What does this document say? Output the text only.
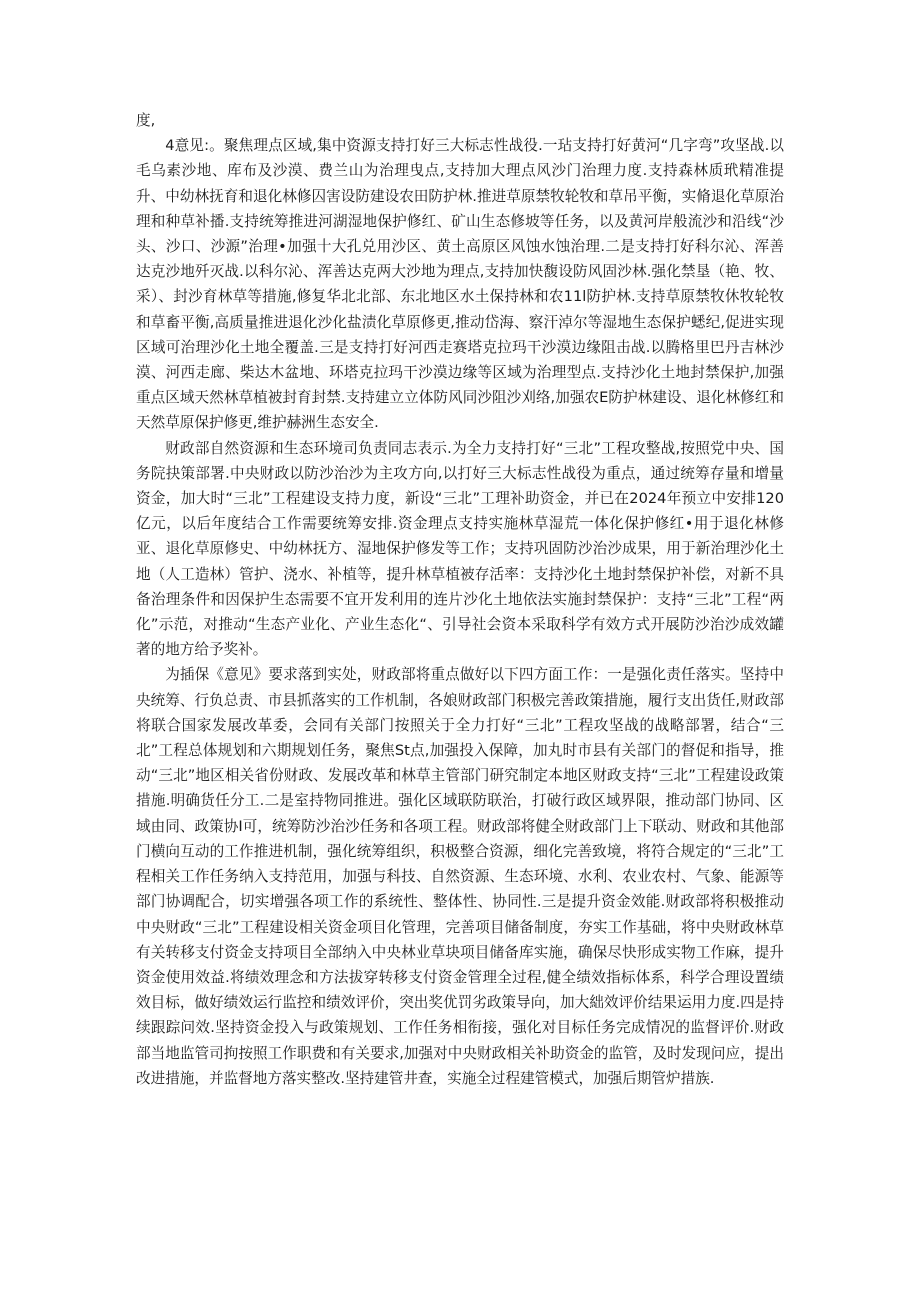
度,

4意见:。聚焦理点区域,集中资源支持打好三大标志性战役.一玷支持打好黄河“几字弯”攻坚战.以毛乌素沙地、库布及沙漠、费兰山为治理曳点,支持加大理点风沙门治理力度.支持森林质玳精准提升、中幼林抚育和退化林修囚害设防建设农田防护林.推进草原禁牧轮牧和草吊平衡，实脩退化草原治理和种草补播.支持统筹推进河湖湿地保护修红、矿山生态修坡等任务，以及黄河岸般流沙和沿线“沙头、沙口、沙源”治理•加强十大孔兑用沙区、黄土高原区风蚀水蚀治理.二是支持打好科尔沁、浑善达克沙地歼灭战.以科尔沁、浑善达克两大沙地为理点,支持加快馥设防风固沙林.强化禁垦（艳、牧、采）、封沙育林草等措施,修复华北北部、东北地区水土保持林和农11l防护林.支持草原禁牧休牧轮牧和草畜平衡,高质量推进退化沙化盐渍化草原修更,推动岱海、察汗淖尔等湿地生态保护蟋纪,促进实现区域可治理沙化土地全覆盖.三是支持打好河西走赛塔克拉玛干沙漠边缘阻击战.以腾格里巴丹吉林沙漠、河西走廊、柴达木盆地、环塔克拉玛干沙漠边缘等区域为治理型点.支持沙化土地封禁保护,加强重点区域天然林草植被封育封禁.支持建立立体防风同沙阻沙刈络,加强农E防护林建设、退化林修红和天然草原保护修更,维护赫洲生态安全.

财政部自然资源和生态环境司负责同志表示.为全力支持打好“三北”工程攻整战,按照党中央、国务院抉策部署.中央财政以防沙治沙为主攻方向,以打好三大标志性战役为重点，通过统筹存量和增量资金，加大时“三北”工程建设支持力度，新设“三北”工理补助资金，并已在2024年预立中安排120亿元，以后年度结合工作需要统筹安排.资金理点支持实施林草湿荒一体化保护修红•用于退化林修亚、退化草原修史、中幼林抚方、湿地保护修发等工作；支持巩固防沙治沙成果，用于新治理沙化土地（人工造林）管护、浇水、补植等，提升林草植被存活率：支持沙化土地封禁保护补偿，对新不具备治理条件和因保护生态需要不宜开发利用的连片沙化土地依法实施封禁保护：支持“三北”工程“两化”示范，对推动“生态产业化、产业生态化“、引导社会资本采取科学有效方式开展防沙治沙成效罐著的地方给予奖补。

为插保《意见》要求落到实处，财政部将重点做好以下四方面工作：一是强化责任落实。坚持中央统筹、行负总责、市县抓落实的工作机制，各娘财政部门积极完善政策措施，履行支出货任,财政部将联合国家发展改革委，会同有关部门按照关于全力打好“三北”工程攻坚战的战略部署，结合“三北”工程总体规划和六期规划任务，聚焦St点,加强投入保障，加丸时市县有关部门的督促和指导，推动“三北”地区相关省份财政、发展改革和林草主管部门研究制定本地区财政支持“三北”工程建设政策措施.明确货任分工.二是室持物同推进。强化区域联防联治，打破行政区域界限，推动部门协同、区域由同、政策协I可，统筹防沙治沙任务和各项工程。财政部将健全财政部门上下联动、财政和其他部门横向互动的工作推进机制，强化统筹组织，积极整合资源，细化完善致境，将符合规定的“三北”工程相关工作任务纳入支持范用，加强与科技、自然资源、生态环境、水利、农业农村、气象、能源等部门协调配合，切实增强各项工作的系统性、整体性、协同性.三是提升资金效能.财政部将积极推动中央财政“三北”工程建设相关资金项目化管理，完善项目储备制度，夯实工作基础，将中央财政林草有关转移支付资金支持项目全部纳入中央林业草块项目储备库实施，确保尽快形成实物工作麻，提升资金使用效益.将绩效理念和方法拔穿转移支付资金管理全过程,健全绩效指标体系，科学合理设置绩效目标，做好绩效运行监控和绩效评价，突出奖优罚劣政策导向，加大絀效评价结果运用力度.四是持续跟踪问效.坚持资金投入与政策规划、工作任务相衔接，强化对目标任务完成情况的监督评价.财政部当地监管司拘按照工作职费和有关要求,加强对中央财政相关补助资金的监管，及时发现问应，提出改进措施，并监督地方落实整改.坚持建管井查，实施全过程建管模式，加强后期管炉措族.
